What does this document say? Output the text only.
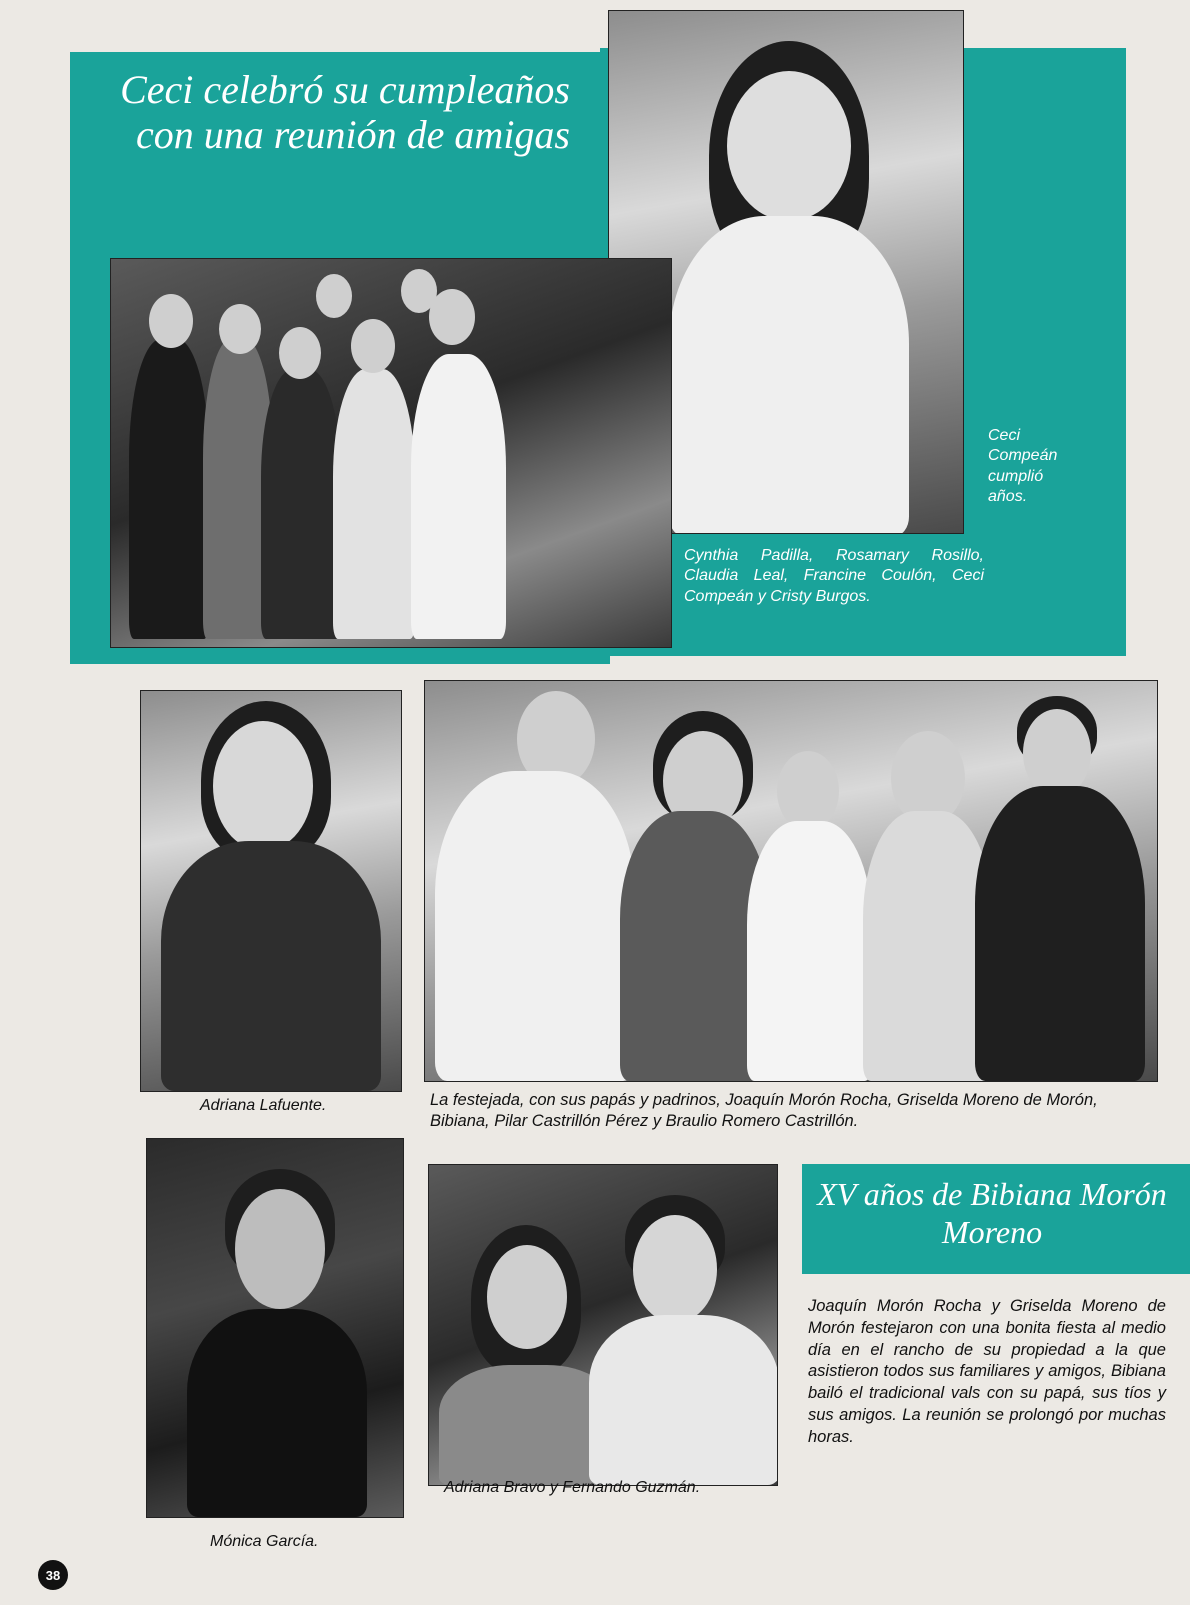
Ceci celebró su cumpleaños con una reunión de amigas

Ceci Compeán cumplió años.

Cynthia Padilla, Rosamary Rosillo, Claudia Leal, Francine Coulón, Ceci Compeán y Cristy Burgos.

Adriana Lafuente.	La festejada, con sus papás y padrinos, Joaquín Morón Rocha, Griselda Moreno de Morón, Bibiana, Pilar Castrillón Pérez y Braulio Romero Castrillón.

Mónica García.

Adriana Bravo y Fernando Guzmán.

XV años de Bibiana Morón Moreno

Joaquín Morón Rocha y Griselda Moreno de Morón festejaron con una bonita fiesta al medio día en el rancho de su propiedad a la que asistieron todos sus familiares y amigos, Bibiana bailó el tradicional vals con su papá, sus tíos y sus amigos. La reunión se prolongó por muchas horas.

38
